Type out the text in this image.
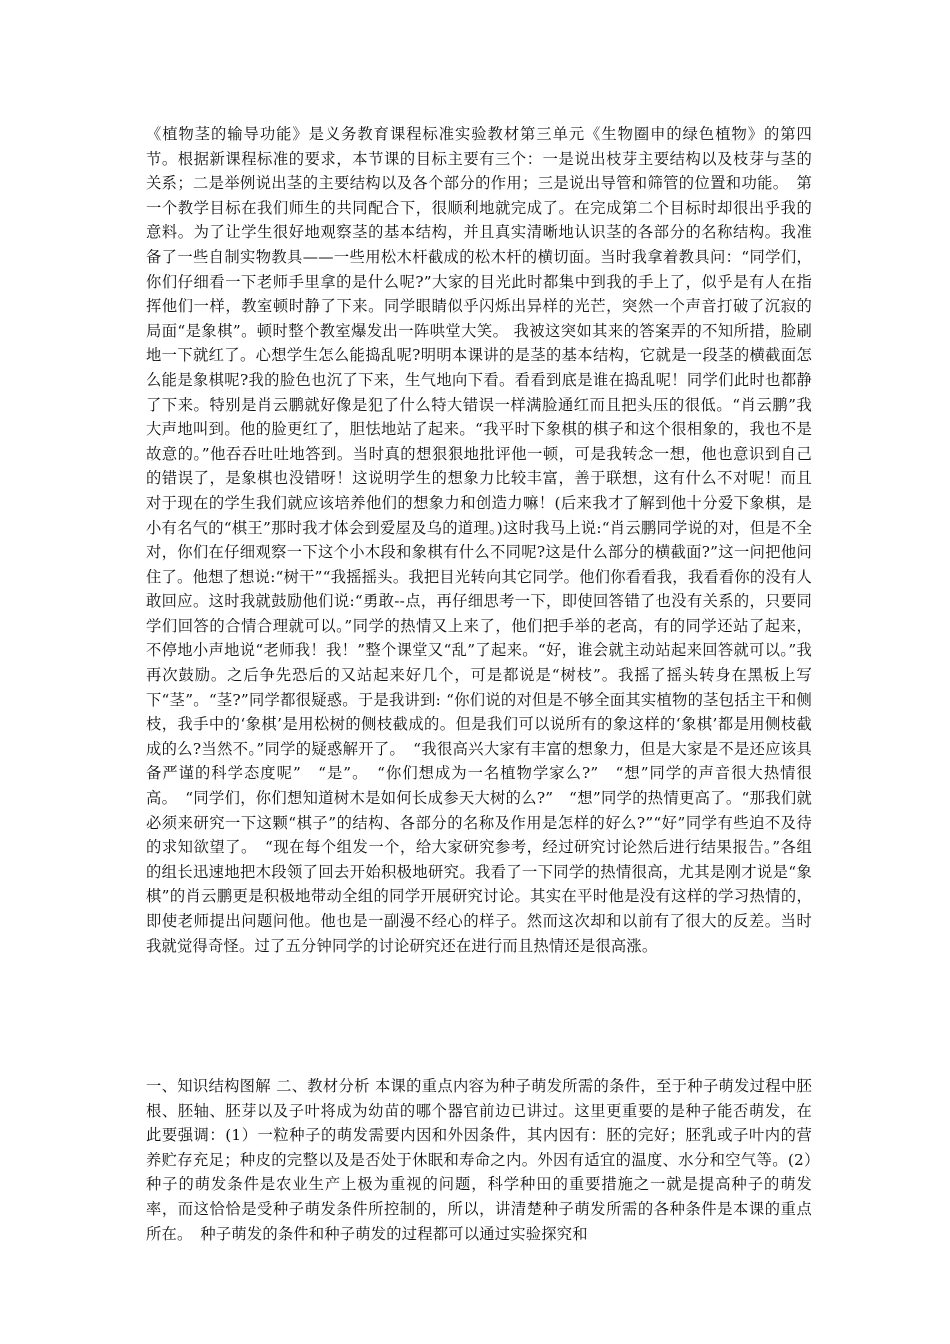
《植物茎的输导功能》是义务教育课程标准实验教材第三单元《生物圈申的绿色植物》的第四节。根据新课程标准的要求，本节课的目标主要有三个：一是说出枝芽主要结构以及枝芽与茎的关系；二是举例说出茎的主要结构以及各个部分的作用；三是说出导管和筛管的位置和功能。　第一个教学目标在我们师生的共同配合下，很顺利地就完成了。在完成第二个目标时却很出乎我的意料。为了让学生很好地观察茎的基本结构，并且真实清晰地认识茎的各部分的名称结构。我准备了一些自制实物教具——一些用松木杆截成的松木杆的横切面。当时我拿着教具问：“同学们，你们仔细看一下老师手里拿的是什么呢?”大家的目光此时都集中到我的手上了，似乎是有人在指挥他们一样，教室顿时静了下来。同学眼睛似乎闪烁出异样的光芒，突然一个声音打破了沉寂的局面“是象棋”。顿时整个教室爆发出一阵哄堂大笑。 我被这突如其来的答案弄的不知所措，脸刷地一下就红了。心想学生怎么能捣乱呢?明明本课讲的是茎的基本结构，它就是一段茎的横截面怎么能是象棋呢?我的脸色也沉了下来，生气地向下看。看看到底是谁在捣乱呢！同学们此时也都静了下来。特别是肖云鹏就好像是犯了什么特大错误一样满脸通红而且把头压的很低。“肖云鹏”我大声地叫到。他的脸更红了，胆怯地站了起来。“我平时下象棋的棋子和这个很相象的，我也不是故意的。”他吞吞吐吐地答到。当时真的想狠狠地批评他一顿，可是我转念一想，他也意识到自己的错误了，是象棋也没错呀！这说明学生的想象力比较丰富，善于联想，这有什么不对呢！而且对于现在的学生我们就应该培养他们的想象力和创造力嘛！(后来我才了解到他十分爱下象棋，是小有名气的“棋王”那时我才体会到爱屋及乌的道理。)这时我马上说:“肖云鹏同学说的对，但是不全对，你们在仔细观察一下这个小木段和象棋有什么不同呢?这是什么部分的横截面?”这一问把他问住了。他想了想说:“树干”“我摇摇头。我把目光转向其它同学。他们你看看我，我看看你的没有人敢回应。这时我就鼓励他们说:“勇敢--点，再仔细思考一下，即使回答错了也没有关系的，只要同学们回答的合情合理就可以。”同学的热情又上来了，他们把手举的老高，有的同学还站了起来，不停地小声地说“老师我！我！”整个课堂又“乱”了起来。“好，谁会就主动站起来回答就可以。”我再次鼓励。之后争先恐后的又站起来好几个，可是都说是“树枝”。我摇了摇头转身在黑板上写下“茎”。“茎?”同学都很疑惑。于是我讲到: “你们说的对但是不够全面其实植物的茎包括主干和侧枝，我手中的‘象棋’是用松树的侧枝截成的。但是我们可以说所有的象这样的‘象棋’都是用侧枝截成的么?当然不。”同学的疑惑解开了。　“我很高兴大家有丰富的想象力，但是大家是不是还应该具备严谨的科学态度呢”　“是”。　“你们想成为一名植物学家么?”　“想”同学的声音很大热情很高。　“同学们，你们想知道树木是如何长成参天大树的么?”　“想”同学的热情更高了。“那我们就必须来研究一下这颗“棋子”的结构、各部分的名称及作用是怎样的好么?”“好”同学有些迫不及待的求知欲望了。　“现在每个组发一个，给大家研究参考，经过研究讨论然后进行结果报告。”各组的组长迅速地把木段领了回去开始积极地研究。我看了一下同学的热情很高，尤其是刚才说是“象棋”的肖云鹏更是积极地带动全组的同学开展研究讨论。其实在平时他是没有这样的学习热情的，即使老师提出问题问他。他也是一副漫不经心的样子。然而这次却和以前有了很大的反差。当时我就觉得奇怪。过了五分钟同学的讨论研究还在进行而且热情还是很高涨。

一、知识结构图解 二、教材分析 本课的重点内容为种子萌发所需的条件，至于种子萌发过程中胚根、胚轴、胚芽以及子叶将成为幼苗的哪个器官前边已讲过。这里更重要的是种子能否萌发，在此要强调：(1）一粒种子的萌发需要内因和外因条件，其内因有：胚的完好；胚乳或子叶内的营养贮存充足；种皮的完整以及是否处于休眠和寿命之内。外因有适宜的温度、水分和空气等。(2）种子的萌发条件是农业生产上极为重视的问题，科学种田的重要措施之一就是提高种子的萌发率，而这恰恰是受种子萌发条件所控制的，所以，讲清楚种子萌发所需的各种条件是本课的重点所在。　种子萌发的条件和种子萌发的过程都可以通过实验探究和
